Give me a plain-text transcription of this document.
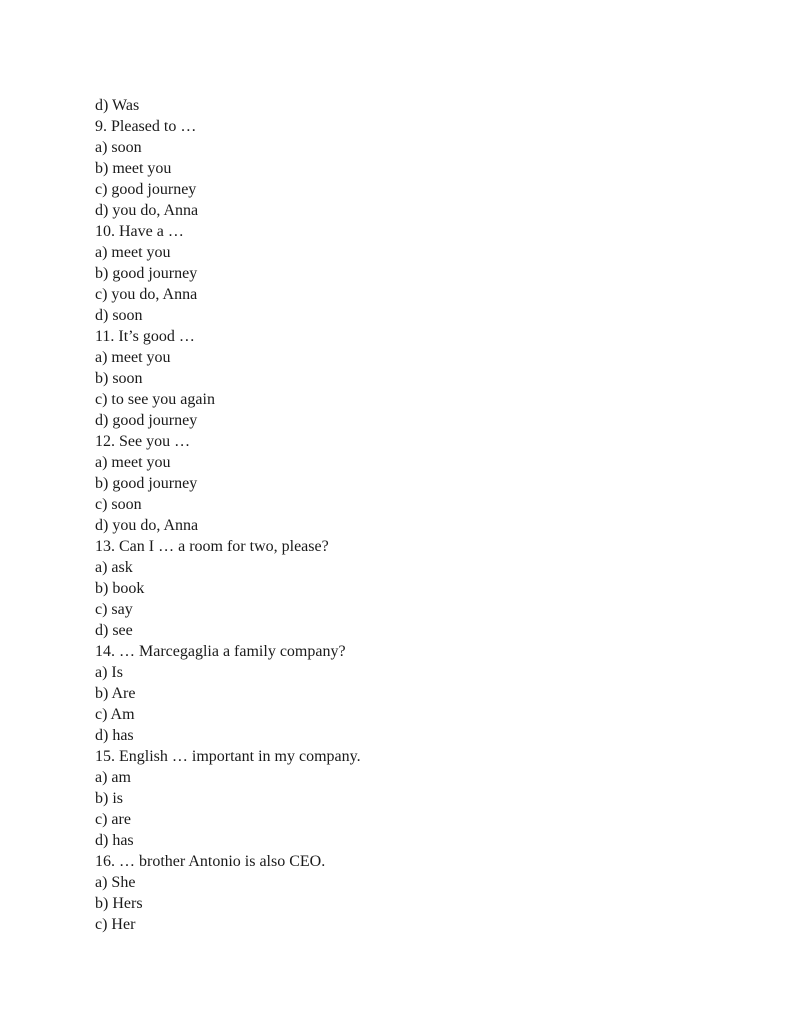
d) Was
9. Pleased to …
a) soon
b) meet you
c) good journey
d) you do, Anna
10. Have a …
a) meet you
b) good journey
c) you do, Anna
d) soon
11. It’s good …
a) meet you
b) soon
c) to see you again
d) good journey
12. See you …
a) meet you
b) good journey
c) soon
d) you do, Anna
13. Can I … a room for two, please?
a) ask
b) book
c) say
d) see
14. … Marcegaglia a family company?
a) Is
b) Are
c) Am
d) has
15. English … important in my company.
a) am
b) is
c) are
d) has
16. … brother Antonio is also CEO.
a) She
b) Hers
c) Her
